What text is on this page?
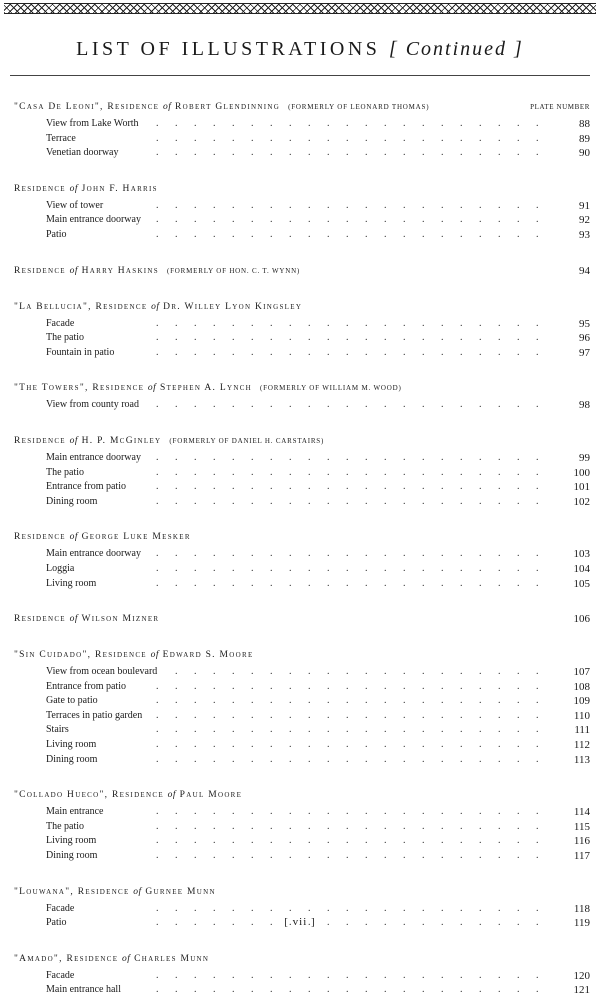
LIST OF ILLUSTRATIONS [ Continued ]
"Casa De Leoni", Residence of Robert Glendinning (FORMERLY OF LEONARD THOMAS)	PLATE NUMBER
. . .
View from Lake Worth	88
. . .
Terrace	89
. . .
Venetian doorway	90
Residence of John F. Harris
. . .
View of tower	91
. . .
Main entrance doorway	92
. . .
Patio	93
Residence of Harry Haskins (FORMERLY OF HON. C. T. WYNN)	94
"La Bellucia", Residence of Dr. Willey Lyon Kingsley
. . .
Facade	95
. . .
The patio	96
. . .
Fountain in patio	97
"The Towers", Residence of Stephen A. Lynch (FORMERLY OF WILLIAM M. WOOD)
. . .
View from county road	98
Residence of H. P. McGinley (FORMERLY OF DANIEL H. CARSTAIRS)
. . .
Main entrance doorway	99
. . .
The patio	100
. . .
Entrance from patio	101
. . .
Dining room	102
Residence of George Luke Mesker
. . .
Main entrance doorway	103
. . .
Loggia	104
. . .
Living room	105
Residence of Wilson Mizner	106
"Sin Cuidado", Residence of Edward S. Moore
. . .
View from ocean boulevard	107
. . .
Entrance from patio	108
. . .
Gate to patio	109
. . .
Terraces in patio garden	110
. . .
Stairs	111
. . .
Living room	112
. . .
Dining room	113
"Collado Hueco", Residence of Paul Moore
. . .
Main entrance	114
. . .
The patio	115
. . .
Living room	116
. . .
Dining room	117
"Louwana", Residence of Gurnee Munn
. . .
Facade	118
. . .
Patio	119
"Amado", Residence of Charles Munn
. . .
Facade	120
. . .
Main entrance hall	121
[ vii ]
